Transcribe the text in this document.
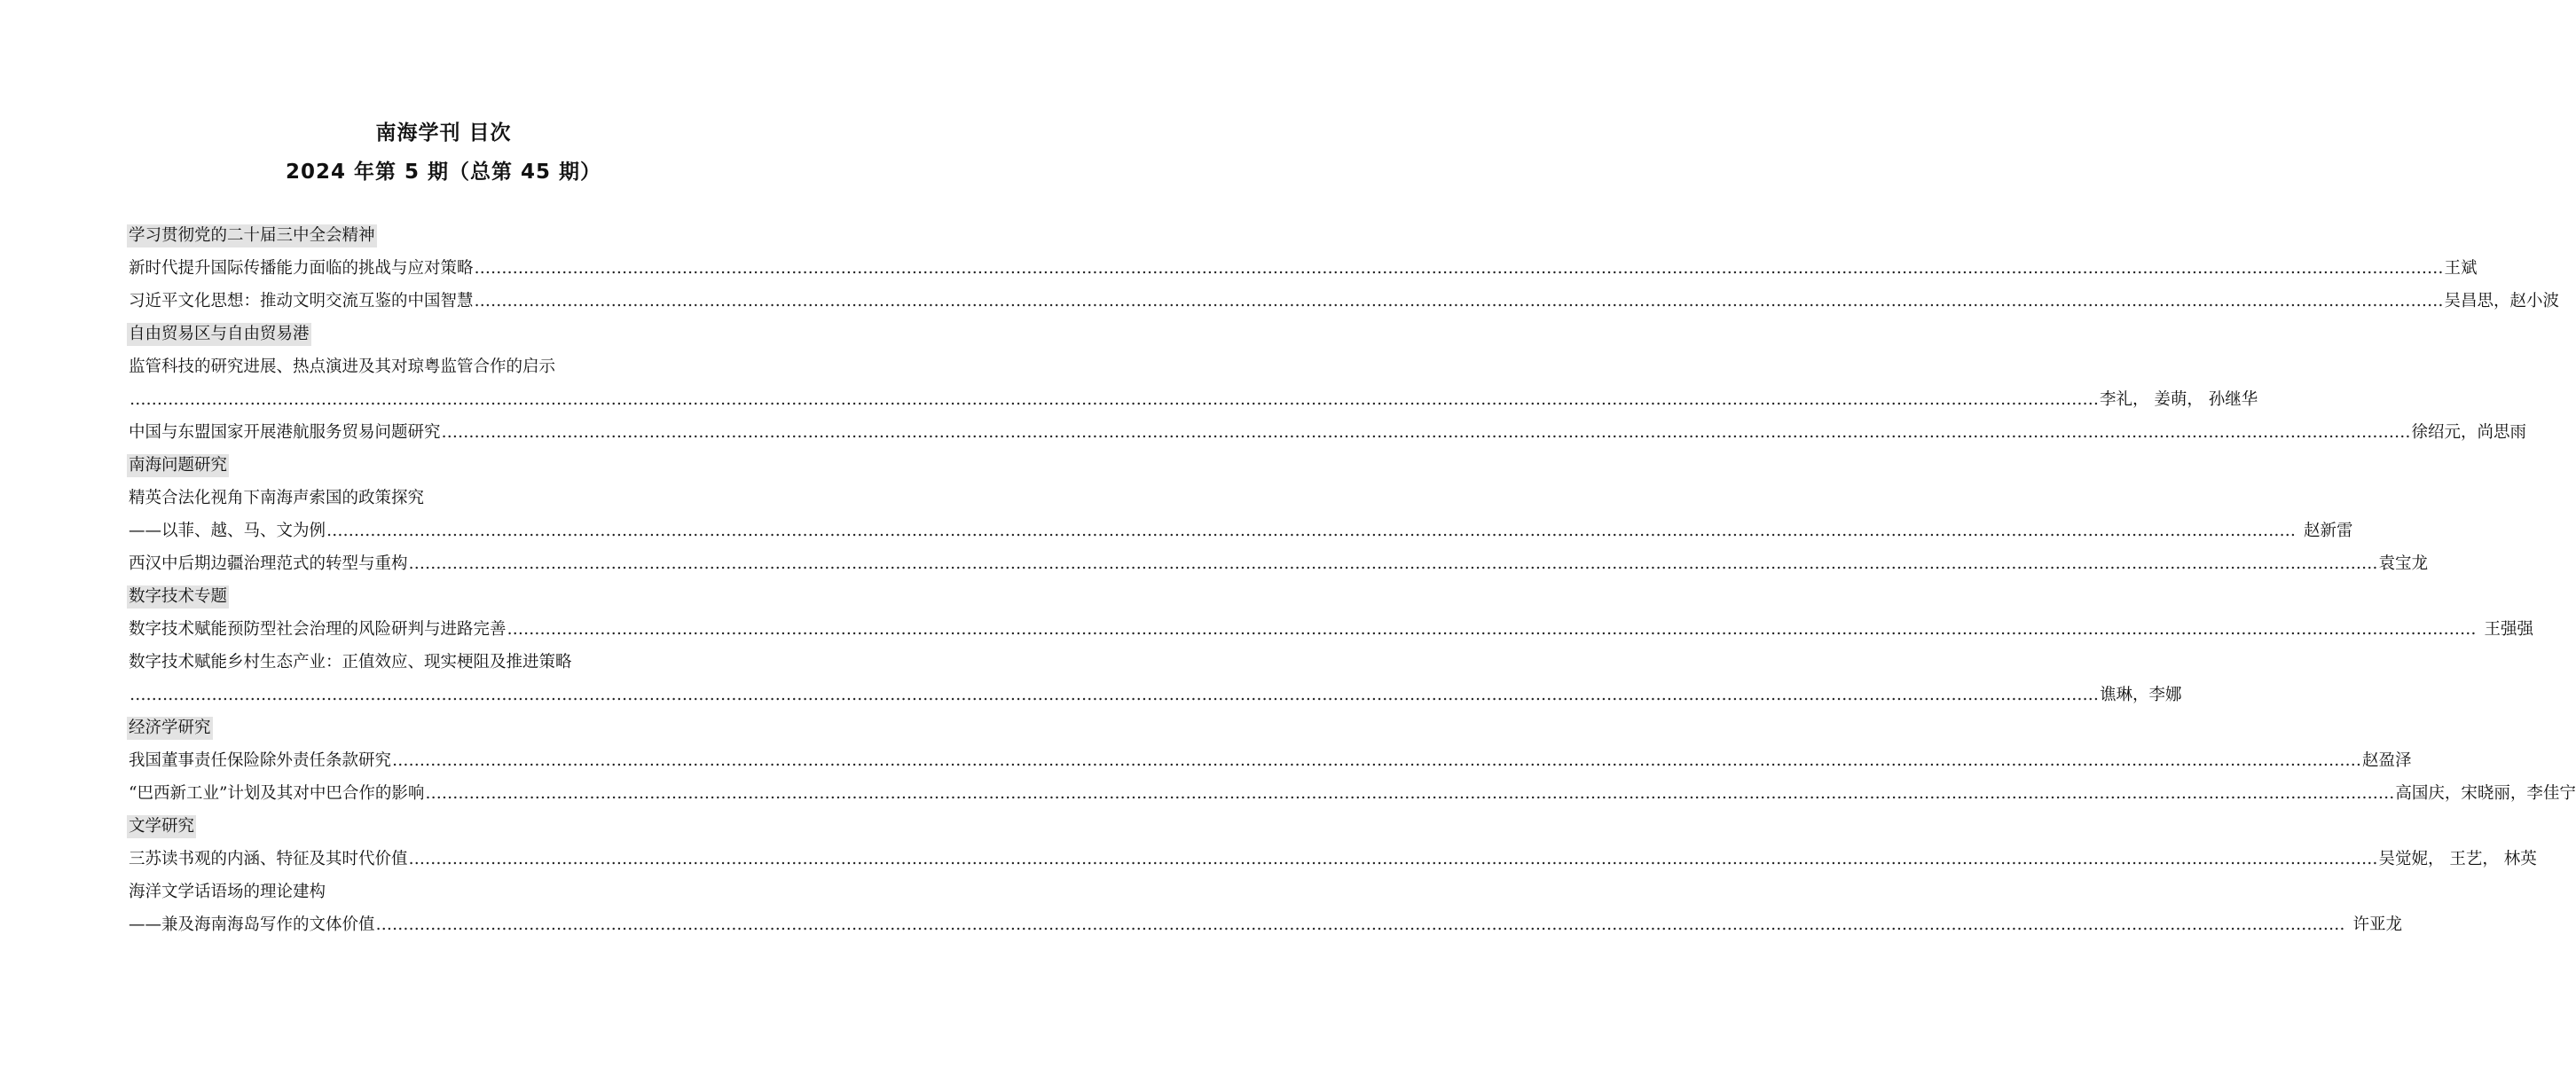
南海学刊 目次
2024 年第 5 期（总第 45 期）
学习贯彻党的二十届三中全会精神
新时代提升国际传播能力面临的挑战与应对策略 ……………………………………………………………………………………………………………………………………………………………………………………………………………………………………………………………………………………………………………………………… 王斌
习近平文化思想：推动文明交流互鉴的中国智慧 ……………………………………………………………………………………………………………………………………………………………………………………………………………………………………………………………………………………………………………………………… 吴昌思，赵小波
自由贸易区与自由贸易港
监管科技的研究进展、热点演进及其对琼粤监管合作的启示
……………………………………………………………………………………………………………………………………………………………………………………………………………………………………………………………………………………………………………………………… 李礼， 姜萌， 孙继华
中国与东盟国家开展港航服务贸易问题研究 ……………………………………………………………………………………………………………………………………………………………………………………………………………………………………………………………………………………………………………………………… 徐绍元，尚思雨
南海问题研究
精英合法化视角下南海声索国的政策探究
——以菲、越、马、文为例 ……………………………………………………………………………………………………………………………………………………………………………………………………………………………………………………………………………………………………………………………… 赵新雷
西汉中后期边疆治理范式的转型与重构 ……………………………………………………………………………………………………………………………………………………………………………………………………………………………………………………………………………………………………………………………… 袁宝龙
数字技术专题
数字技术赋能预防型社会治理的风险研判与进路完善 ……………………………………………………………………………………………………………………………………………………………………………………………………………………………………………………………………………………………………………………………… 王强强
数字技术赋能乡村生态产业：正值效应、现实梗阻及推进策略
……………………………………………………………………………………………………………………………………………………………………………………………………………………………………………………………………………………………………………………………… 谯琳，李娜
经济学研究
我国董事责任保险除外责任条款研究 ……………………………………………………………………………………………………………………………………………………………………………………………………………………………………………………………………………………………………………………………… 赵盈泽
“巴西新工业”计划及其对中巴合作的影响 ……………………………………………………………………………………………………………………………………………………………………………………………………………………………………………………………………………………………………………………………… 高国庆，宋晓丽，李佳宁
文学研究
三苏读书观的内涵、特征及其时代价值 ……………………………………………………………………………………………………………………………………………………………………………………………………………………………………………………………………………………………………………………………… 吴觉妮， 王艺， 林英
海洋文学话语场的理论建构
——兼及海南海岛写作的文体价值 ……………………………………………………………………………………………………………………………………………………………………………………………………………………………………………………………………………………………………………………………… 许亚龙
